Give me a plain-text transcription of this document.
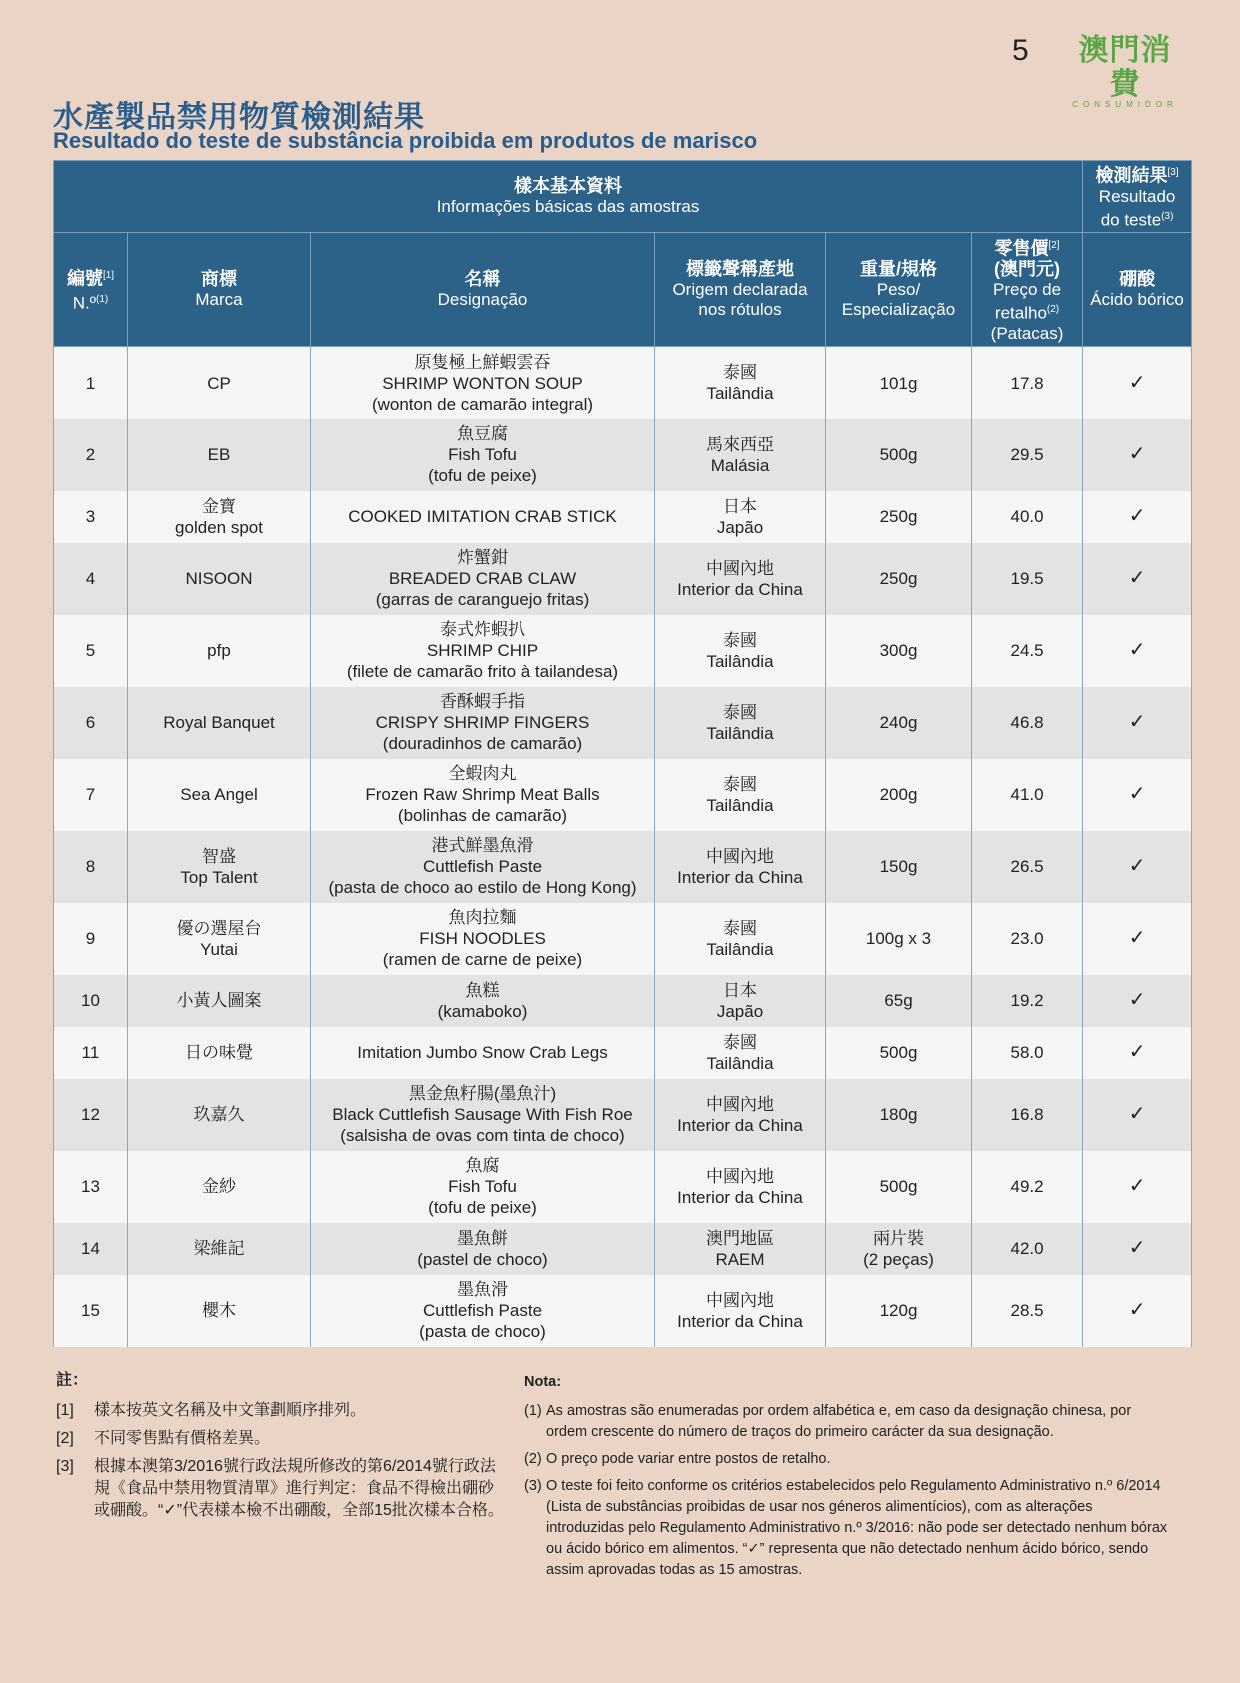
5 澳門消費
CONSUMIDOR
水產製品禁用物質檢測結果
Resultado do teste de substância proibida em produtos de marisco
樣本基本資料
Informações básicas das amostras						檢測結果[3]
Resultado do teste$^{(3)}$
編號[1]
N.º$^{(1)}$	商標
Marca	名稱
Designação	標籤聲稱產地
Origem declarada
nos rótulos	重量/規格
Peso/
Especialização	零售價[2]
(澳門元)
Preço de
retalho$^{(2)}$
(Patacas)	硼酸
Ácido bórico
1	CP	原隻極上鮮蝦雲吞
SHRIMP WONTON SOUP
(wonton de camarão integral)	泰國
Tailândia	101g	17.8	✓
2	EB	魚豆腐
Fish Tofu
(tofu de peixe)	馬來西亞
Malásia	500g	29.5	✓
3	金寶
golden spot	COOKED IMITATION CRAB STICK	日本
Japão	250g	40.0	✓
4	NISOON	炸蟹鉗
BREADED CRAB CLAW
(garras de caranguejo fritas)	中國內地
Interior da China	250g	19.5	✓
5	pfp	泰式炸蝦扒
SHRIMP CHIP
(filete de camarão frito à tailandesa)	泰國
Tailândia	300g	24.5	✓
6	Royal Banquet	香酥蝦手指
CRISPY SHRIMP FINGERS
(douradinhos de camarão)	泰國
Tailândia	240g	46.8	✓
7	Sea Angel	全蝦肉丸
Frozen Raw Shrimp Meat Balls
(bolinhas de camarão)	泰國
Tailândia	200g	41.0	✓
8	智盛
Top Talent	港式鮮墨魚滑
Cuttlefish Paste
(pasta de choco ao estilo de Hong Kong)	中國內地
Interior da China	150g	26.5	✓
9	優の選屋台
Yutai	魚肉拉麵
FISH NOODLES
(ramen de carne de peixe)	泰國
Tailândia	100g x 3	23.0	✓
10	小黃人圖案	魚糕
(kamaboko)	日本
Japão	65g	19.2	✓
11	日の味覺	Imitation Jumbo Snow Crab Legs	泰國
Tailândia	500g	58.0	✓
12	玖嘉久	黑金魚籽腸(墨魚汁)
Black Cuttlefish Sausage With Fish Roe
(salsisha de ovas com tinta de choco)	中國內地
Interior da China	180g	16.8	✓
13	金紗	魚腐
Fish Tofu
(tofu de peixe)	中國內地
Interior da China	500g	49.2	✓
14	梁維記	墨魚餅
(pastel de choco)	澳門地區
RAEM	兩片裝
(2 peças)	42.0	✓
15	櫻木	墨魚滑
Cuttlefish Paste
(pasta de choco)	中國內地
Interior da China	120g	28.5	✓
註：
[1]	樣本按英文名稱及中文筆劃順序排列。
[2]	不同零售點有價格差異。
[3]	根據本澳第3/2016號行政法規所修改的第6/2014號行政法規《食品中禁用物質清單》進行判定：食品不得檢出硼砂或硼酸。“✓”代表樣本檢不出硼酸，全部15批次樣本合格。
Nota:
(1) As amostras são enumeradas por ordem alfabética e, em caso da designação chinesa, por ordem crescente do número de traços do primeiro carácter da sua designação.
(2) O preço pode variar entre postos de retalho.
(3) O teste foi feito conforme os critérios estabelecidos pelo Regulamento Administrativo n.º 6/2014 (Lista de substâncias proibidas de usar nos géneros alimentícios), com as alterações introduzidas pelo Regulamento Administrativo n.º 3/2016: não pode ser detectado nenhum bórax ou ácido bórico em alimentos. “✓” representa que não detectado nenhum ácido bórico, sendo assim aprovadas todas as 15 amostras.
